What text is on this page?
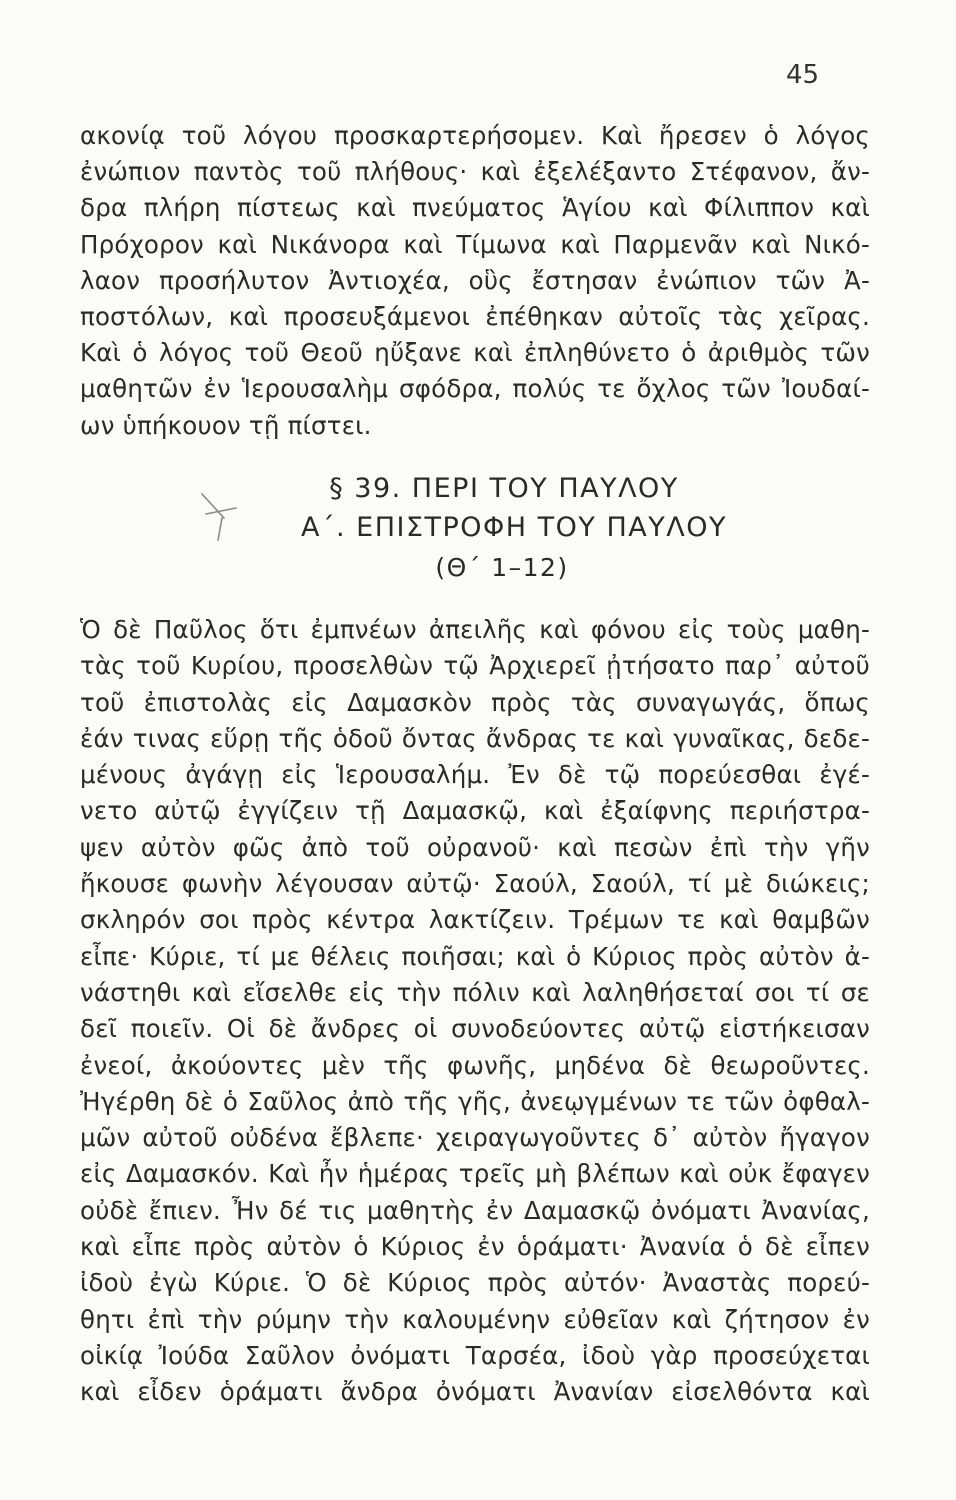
45
ακονίᾳ τοῦ λόγου προσκαρτερήσομεν. Καὶ ἤρεσεν ὁ λόγος
ἐνώπιον παντὸς τοῦ πλήθους· καὶ ἐξελέξαντο Στέφανον, ἄν-
δρα πλήρη πίστεως καὶ πνεύματος Ἁγίου καὶ Φίλιππον καὶ
Πρόχορον καὶ Νικάνορα καὶ Τίμωνα καὶ Παρμενᾶν καὶ Νικό-
λαον προσήλυτον Ἀντιοχέα, οὓς ἔστησαν ἐνώπιον τῶν Ἀ-
ποστόλων, καὶ προσευξάμενοι ἐπέθηκαν αὐτοῖς τὰς χεῖρας.
Καὶ ὁ λόγος τοῦ Θεοῦ ηὔξανε καὶ ἐπληθύνετο ὁ ἀριθμὸς τῶν
μαθητῶν ἐν Ἱερουσαλὴμ σφόδρα, πολύς τε ὄχλος τῶν Ἰουδαί-
ων ὑπήκουον τῇ πίστει.
§ 39. ΠΕΡΙ ΤΟΥ ΠΑΥΛΟΥ
Α΄. ΕΠΙΣΤΡΟΦΗ ΤΟΥ ΠΑΥΛΟΥ
(Θ΄ 1–12)
Ὁ δὲ Παῦλος ὅτι ἐμπνέων ἀπειλῆς καὶ φόνου εἰς τοὺς μαθη-
τὰς τοῦ Κυρίου, προσελθὼν τῷ Ἀρχιερεῖ ᾐτήσατο παρ᾽ αὐτοῦ
τοῦ ἐπιστολὰς εἰς Δαμασκὸν πρὸς τὰς συναγωγάς, ὅπως
ἐάν τινας εὕρῃ τῆς ὁδοῦ ὄντας ἄνδρας τε καὶ γυναῖκας, δεδε-
μένους ἀγάγῃ εἰς Ἱερουσαλήμ. Ἐν δὲ τῷ πορεύεσθαι ἐγέ-
νετο αὐτῷ ἐγγίζειν τῇ Δαμασκῷ, καὶ ἐξαίφνης περιήστρα-
ψεν αὐτὸν φῶς ἀπὸ τοῦ οὐρανοῦ· καὶ πεσὼν ἐπὶ τὴν γῆν
ἤκουσε φωνὴν λέγουσαν αὐτῷ· Σαούλ, Σαούλ, τί μὲ διώκεις;
σκληρόν σοι πρὸς κέντρα λακτίζειν. Τρέμων τε καὶ θαμβῶν
εἶπε· Κύριε, τί με θέλεις ποιῆσαι; καὶ ὁ Κύριος πρὸς αὐτὸν ἀ-
νάστηθι καὶ εἴσελθε εἰς τὴν πόλιν καὶ λαληθήσεταί σοι τί σε
δεῖ ποιεῖν. Οἱ δὲ ἄνδρες οἱ συνοδεύοντες αὐτῷ εἱστήκεισαν
ἐνεοί, ἀκούοντες μὲν τῆς φωνῆς, μηδένα δὲ θεωροῦντες.
Ἠγέρθη δὲ ὁ Σαῦλος ἀπὸ τῆς γῆς, ἀνεῳγμένων τε τῶν ὀφθαλ-
μῶν αὐτοῦ οὐδένα ἔβλεπε· χειραγωγοῦντες δ᾽ αὐτὸν ἤγαγον
εἰς Δαμασκόν. Καὶ ἦν ἡμέρας τρεῖς μὴ βλέπων καὶ οὐκ ἔφαγεν
οὐδὲ ἔπιεν. Ἦν δέ τις μαθητὴς ἐν Δαμασκῷ ὀνόματι Ἀνανίας,
καὶ εἶπε πρὸς αὐτὸν ὁ Κύριος ἐν ὁράματι· Ἀνανία ὁ δὲ εἶπεν
ἰδοὺ ἐγὼ Κύριε. Ὁ δὲ Κύριος πρὸς αὐτόν· Ἀναστὰς πορεύ-
θητι ἐπὶ τὴν ρύμην τὴν καλουμένην εὐθεῖαν καὶ ζήτησον ἐν
οἰκίᾳ Ἰούδα Σαῦλον ὀνόματι Ταρσέα, ἰδοὺ γὰρ προσεύχεται
καὶ εἶδεν ὁράματι ἄνδρα ὀνόματι Ἀνανίαν εἰσελθόντα καὶ
